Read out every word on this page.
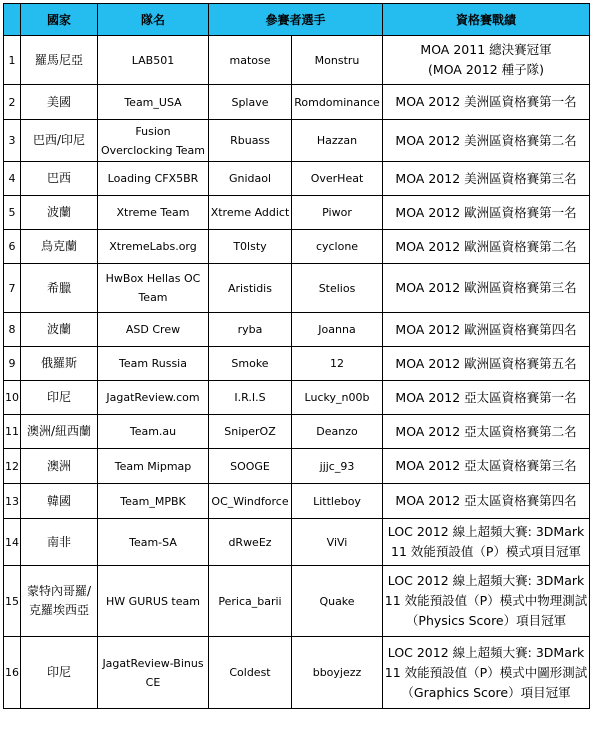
	國家	隊名	參賽者選手		資格賽戰績
1	羅馬尼亞	LAB501	matose	Monstru	MOA 2011 總決賽冠軍
(MOA 2012 種子隊)
2	美國	Team_USA	Splave	Romdominance	MOA 2012 美洲區資格賽第一名
3	巴西/印尼	Fusion Overclocking Team	Rbuass	Hazzan	MOA 2012 美洲區資格賽第二名
4	巴西	Loading CFX5BR	Gnidaol	OverHeat	MOA 2012 美洲區資格賽第三名
5	波蘭	Xtreme Team	Xtreme Addict	Piwor	MOA 2012 歐洲區資格賽第一名
6	烏克蘭	XtremeLabs.org	T0lsty	cyclone	MOA 2012 歐洲區資格賽第二名
7	希臘	HwBox Hellas OC Team	Aristidis	Stelios	MOA 2012 歐洲區資格賽第三名
8	波蘭	ASD Crew	ryba	Joanna	MOA 2012 歐洲區資格賽第四名
9	俄羅斯	Team Russia	Smoke	12	MOA 2012 歐洲區資格賽第五名
10	印尼	JagatReview.com	I.R.I.S	Lucky_n00b	MOA 2012 亞太區資格賽第一名
11	澳洲/紐西蘭	Team.au	SniperOZ	Deanzo	MOA 2012 亞太區資格賽第二名
12	澳洲	Team Mipmap	SOOGE	jjjc_93	MOA 2012 亞太區資格賽第三名
13	韓國	Team_MPBK	OC_Windforce	Littleboy	MOA 2012 亞太區資格賽第四名
14	南非	Team-SA	dRweEz	ViVi	LOC 2012 線上超頻大賽: 3DMark 11 效能預設值（P）模式項目冠軍
15	蒙特內哥羅/克羅埃西亞	HW GURUS team	Perica_barii	Quake	LOC 2012 線上超頻大賽: 3DMark 11 效能預設值（P）模式中物理測試（Physics Score）項目冠軍
16	印尼	JagatReview-Binus CE	Coldest	bboyjezz	LOC 2012 線上超頻大賽: 3DMark 11 效能預設值（P）模式中圖形測試（Graphics Score）項目冠軍
